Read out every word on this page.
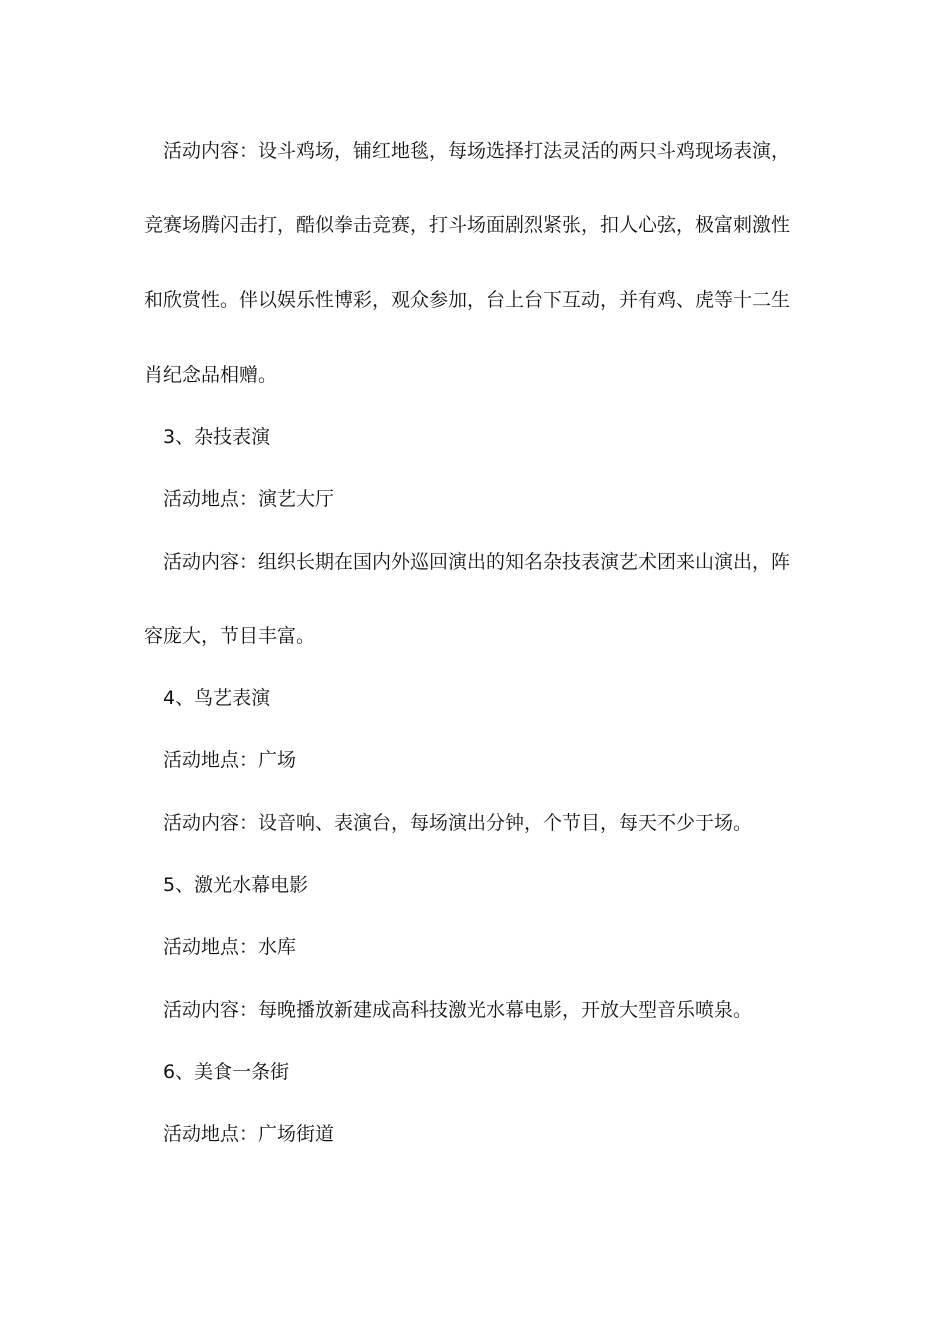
活动内容：设斗鸡场，铺红地毯，每场选择打法灵活的两只斗鸡现场表演，
竞赛场腾闪击打，酷似拳击竞赛，打斗场面剧烈紧张，扣人心弦，极富刺激性
和欣赏性。伴以娱乐性博彩，观众参加，台上台下互动，并有鸡、虎等十二生
肖纪念品相赠。
3、杂技表演
活动地点：演艺大厅
活动内容：组织长期在国内外巡回演出的知名杂技表演艺术团来山演出，阵
容庞大，节目丰富。
4、鸟艺表演
活动地点：广场
活动内容：设音响、表演台，每场演出分钟，个节目，每天不少于场。
5、激光水幕电影
活动地点：水库
活动内容：每晚播放新建成高科技激光水幕电影，开放大型音乐喷泉。
6、美食一条街
活动地点：广场街道
